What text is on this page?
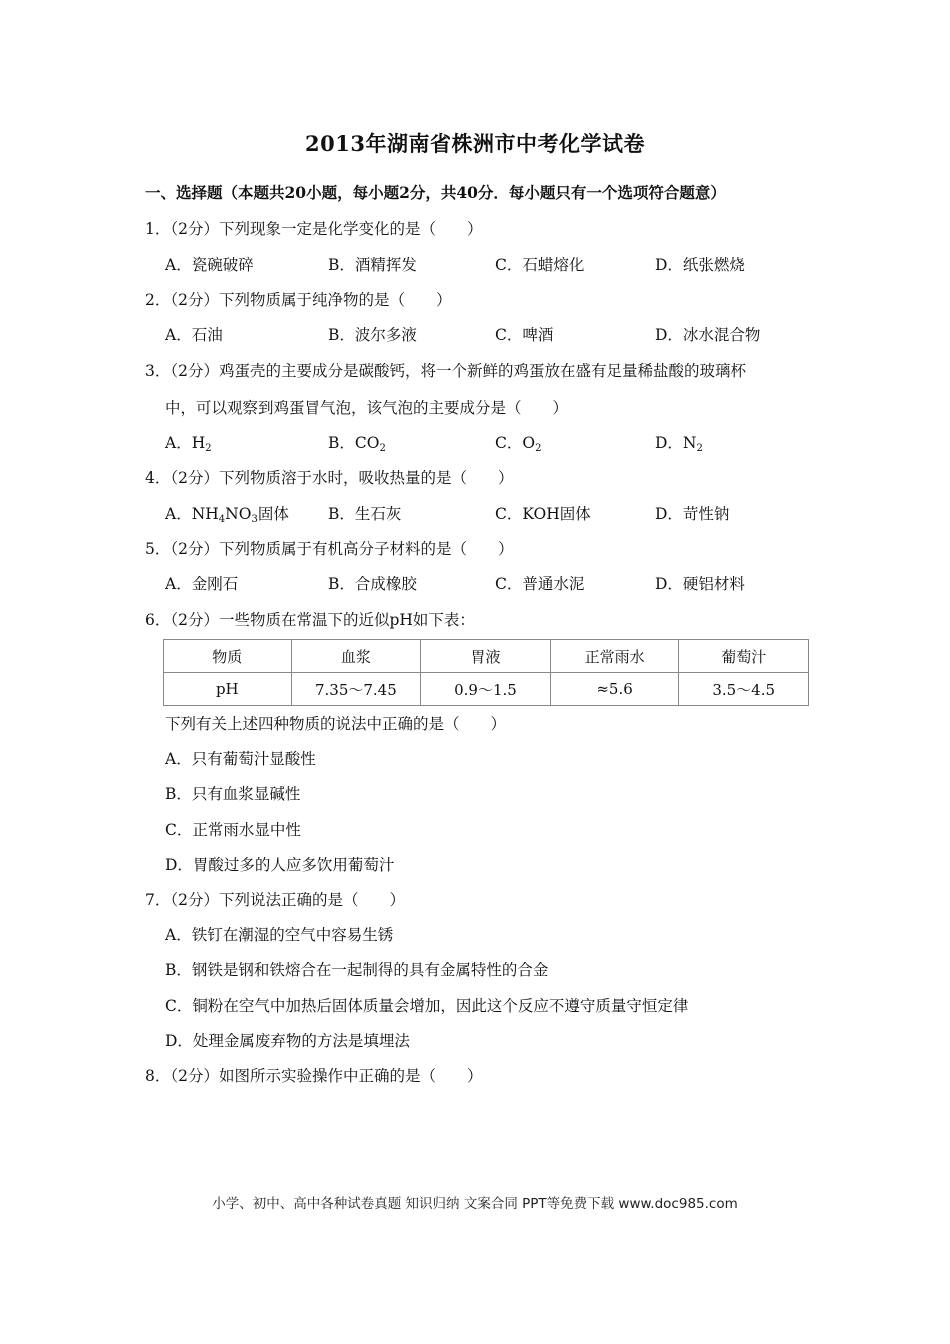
2013年湖南省株洲市中考化学试卷
一、选择题（本题共20小题，每小题2分，共40分．每小题只有一个选项符合题意）
1．（2分）下列现象一定是化学变化的是（　　）
A．瓷碗破碎	B．酒精挥发	C．石蜡熔化	D．纸张燃烧
2．（2分）下列物质属于纯净物的是（　　）
A．石油	B．波尔多液	C．啤酒	D．冰水混合物
3．（2分）鸡蛋壳的主要成分是碳酸钙，将一个新鲜的鸡蛋放在盛有足量稀盐酸的玻璃杯
中，可以观察到鸡蛋冒气泡，该气泡的主要成分是（　　）
A．$H_2$	B．$CO_2$	C．$O_2$	D．$N_2$
4．（2分）下列物质溶于水时，吸收热量的是（　　）
A．$NH_4NO_3$固体	B．生石灰	C．KOH固体	D．苛性钠
5．（2分）下列物质属于有机高分子材料的是（　　）
A．金刚石	B．合成橡胶	C．普通水泥	D．硬铝材料
6．（2分）一些物质在常温下的近似pH如下表：
物质	血浆	胃液	正常雨水	葡萄汁
pH	7.35～7.45	0.9～1.5	≈5.6	3.5～4.5
下列有关上述四种物质的说法中正确的是（　　）
A．只有葡萄汁显酸性
B．只有血浆显碱性
C．正常雨水显中性
D．胃酸过多的人应多饮用葡萄汁
7．（2分）下列说法正确的是（　　）
A．铁钉在潮湿的空气中容易生锈
B．钢铁是钢和铁熔合在一起制得的具有金属特性的合金
C．铜粉在空气中加热后固体质量会增加，因此这个反应不遵守质量守恒定律
D．处理金属废弃物的方法是填埋法
8．（2分）如图所示实验操作中正确的是（　　）
小学、初中、高中各种试卷真题 知识归纳 文案合同 PPT等免费下载 www.doc985.com
